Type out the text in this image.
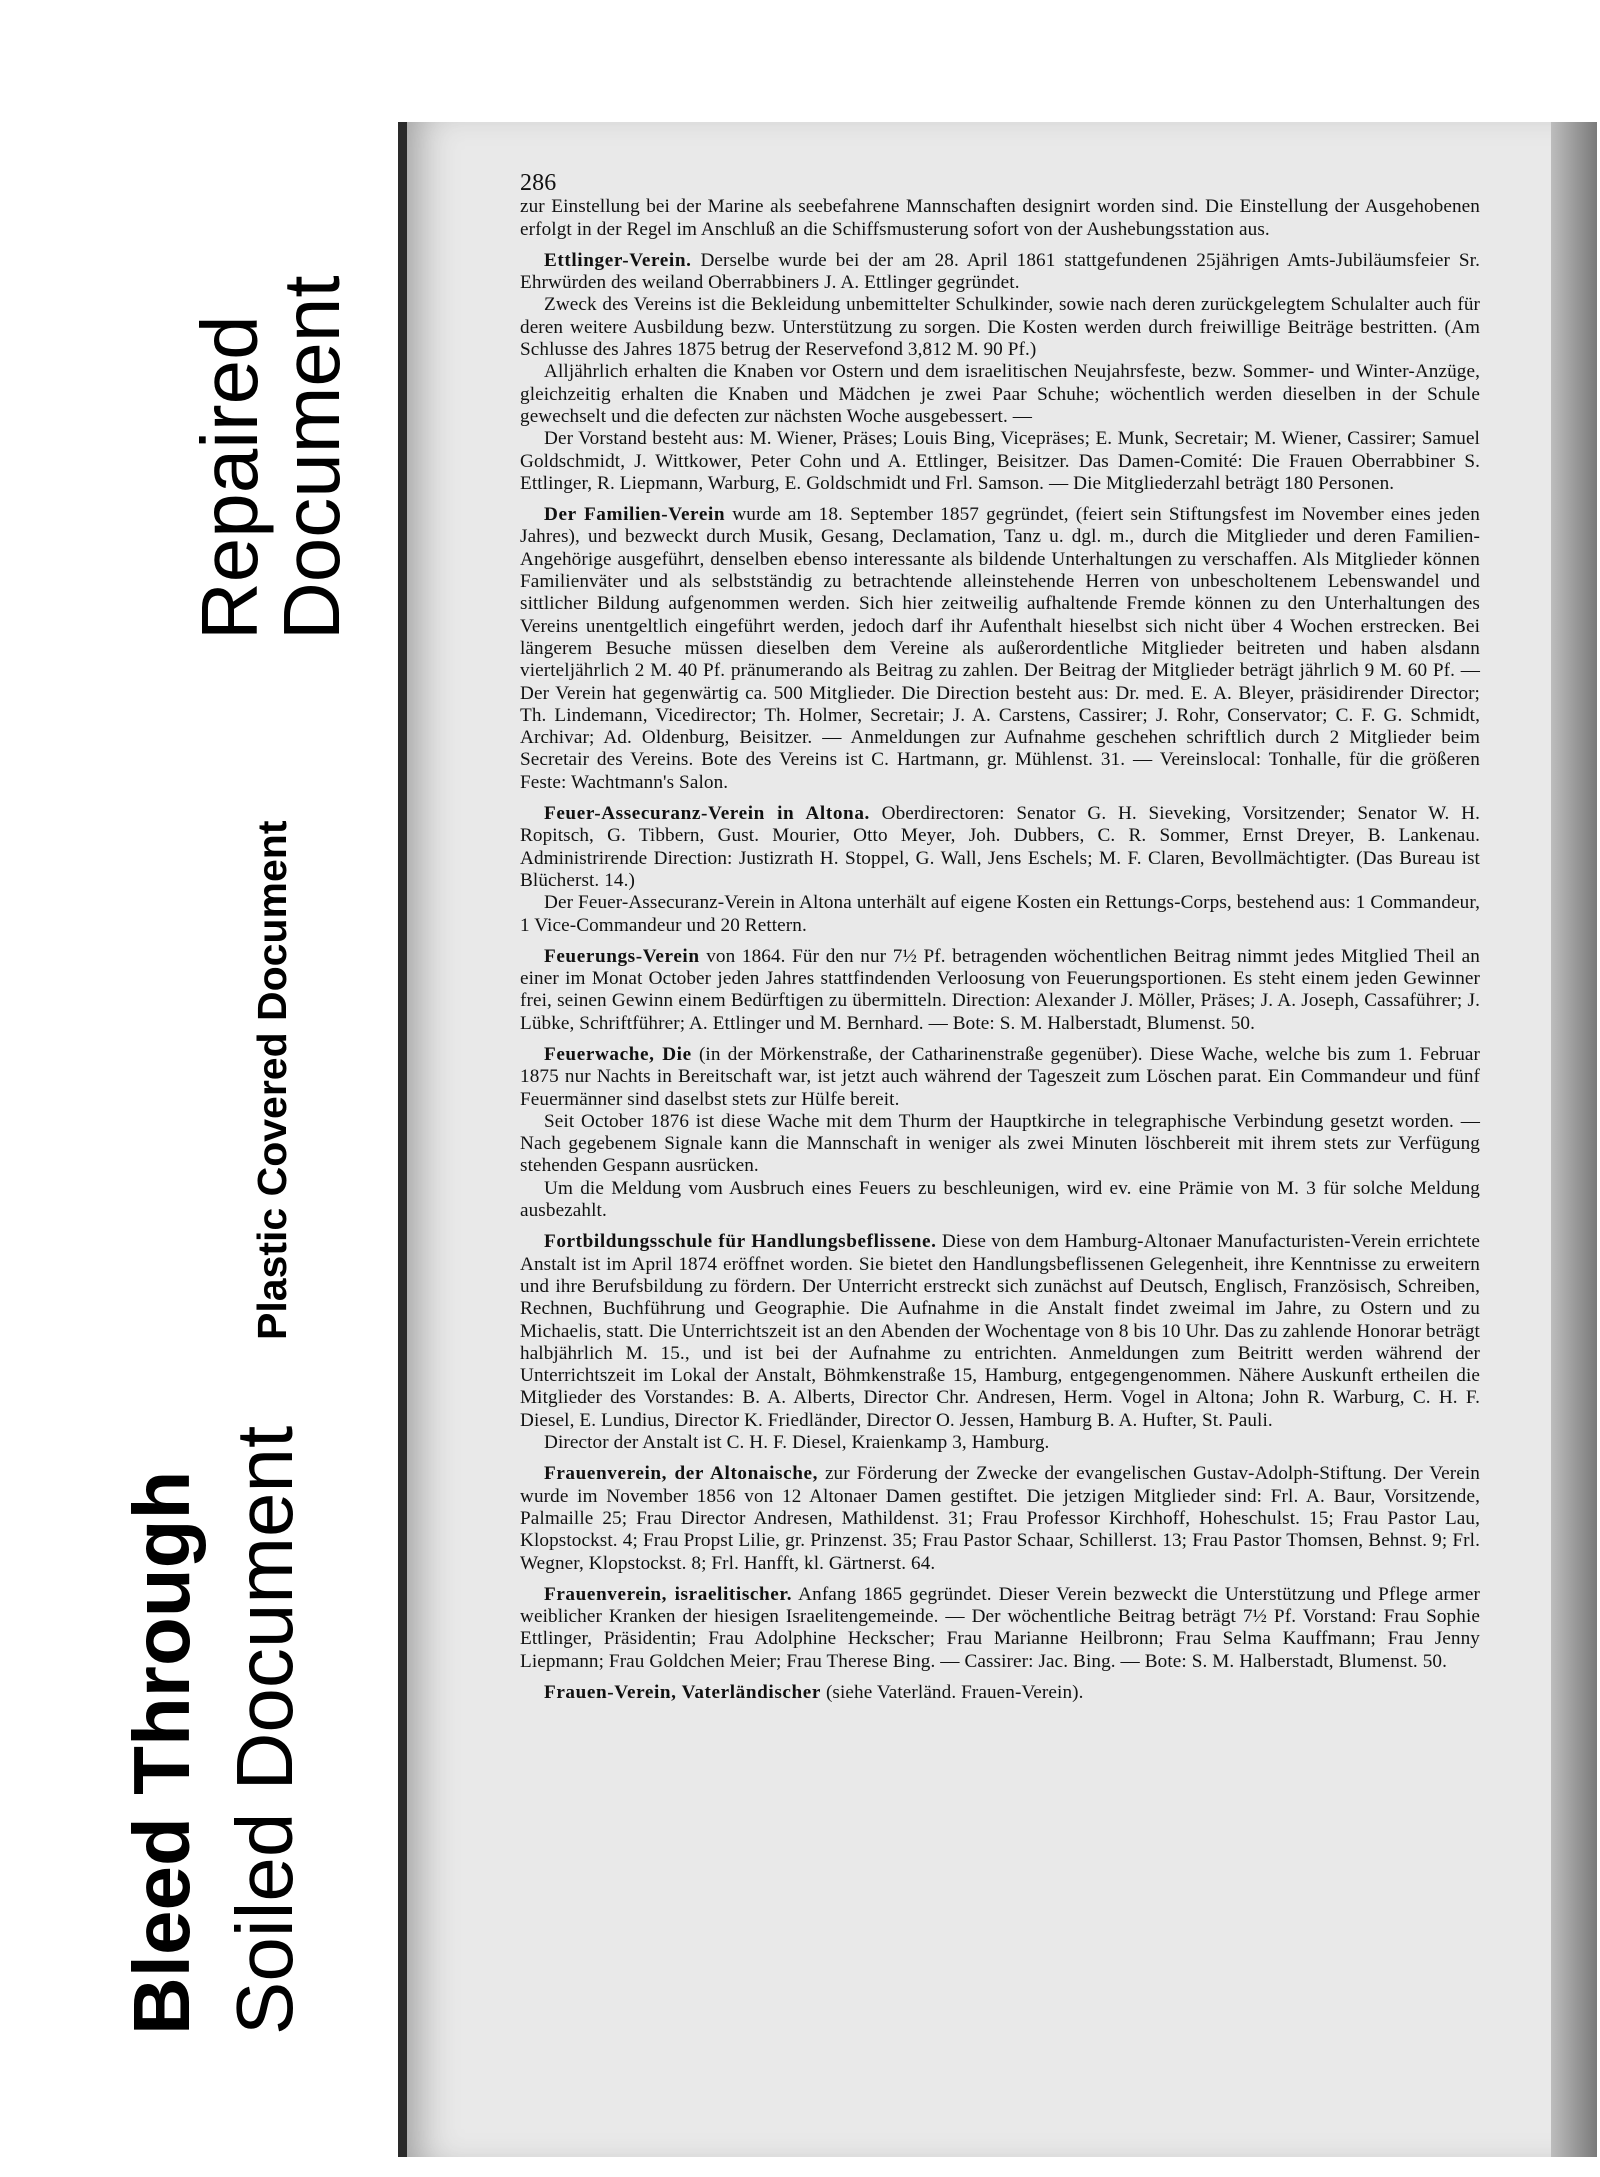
Repaired
Document
Plastic Covered Document
Bleed Through Soiled Document
286

zur Einstellung bei der Marine als seebefahrene Mannschaften designirt worden sind. Die Einstellung der Ausgehobenen erfolgt in der Regel im Anschluß an die Schiffsmusterung sofort von der Aushebungsstation aus.

Ettlinger-Verein. Derselbe wurde bei der am 28. April 1861 stattgefundenen 25jährigen Amts-Jubiläumsfeier Sr. Ehrwürden des weiland Oberrabbiners J. A. Ettlinger gegründet.

Zweck des Vereins ist die Bekleidung unbemittelter Schulkinder, sowie nach deren zurückgelegtem Schulalter auch für deren weitere Ausbildung bezw. Unterstützung zu sorgen. Die Kosten werden durch freiwillige Beiträge bestritten. (Am Schlusse des Jahres 1875 betrug der Reservefond 3,812 M. 90 Pf.)

Alljährlich erhalten die Knaben vor Ostern und dem israelitischen Neujahrsfeste, bezw. Sommer- und Winter-Anzüge, gleichzeitig erhalten die Knaben und Mädchen je zwei Paar Schuhe; wöchentlich werden dieselben in der Schule gewechselt und die defecten zur nächsten Woche ausgebessert. —

Der Vorstand besteht aus: M. Wiener, Präses; Louis Bing, Vicepräses; E. Munk, Secretair; M. Wiener, Cassirer; Samuel Goldschmidt, J. Wittkower, Peter Cohn und A. Ettlinger, Beisitzer. Das Damen-Comité: Die Frauen Oberrabbiner S. Ettlinger, R. Liepmann, Warburg, E. Goldschmidt und Frl. Samson. — Die Mitgliederzahl beträgt 180 Personen.

Der Familien-Verein wurde am 18. September 1857 gegründet, (feiert sein Stiftungsfest im November eines jeden Jahres), und bezweckt durch Musik, Gesang, Declamation, Tanz u. dgl. m., durch die Mitglieder und deren Familien-Angehörige ausgeführt, denselben ebenso interessante als bildende Unterhaltungen zu verschaffen. Als Mitglieder können Familienväter und als selbstständig zu betrachtende alleinstehende Herren von unbescholtenem Lebenswandel und sittlicher Bildung aufgenommen werden. Sich hier zeitweilig aufhaltende Fremde können zu den Unterhaltungen des Vereins unentgeltlich eingeführt werden, jedoch darf ihr Aufenthalt hieselbst sich nicht über 4 Wochen erstrecken. Bei längerem Besuche müssen dieselben dem Vereine als außerordentliche Mitglieder beitreten und haben alsdann vierteljährlich 2 M. 40 Pf. pränumerando als Beitrag zu zahlen. Der Beitrag der Mitglieder beträgt jährlich 9 M. 60 Pf. — Der Verein hat gegenwärtig ca. 500 Mitglieder. Die Direction besteht aus: Dr. med. E. A. Bleyer, präsidirender Director; Th. Lindemann, Vicedirector; Th. Holmer, Secretair; J. A. Carstens, Cassirer; J. Rohr, Conservator; C. F. G. Schmidt, Archivar; Ad. Oldenburg, Beisitzer. — Anmeldungen zur Aufnahme geschehen schriftlich durch 2 Mitglieder beim Secretair des Vereins. Bote des Vereins ist C. Hartmann, gr. Mühlenst. 31. — Vereinslocal: Tonhalle, für die größeren Feste: Wachtmann's Salon.

Feuer-Assecuranz-Verein in Altona. Oberdirectoren: Senator G. H. Sieveking, Vorsitzender; Senator W. H. Ropitsch, G. Tibbern, Gust. Mourier, Otto Meyer, Joh. Dubbers, C. R. Sommer, Ernst Dreyer, B. Lankenau. Administrirende Direction: Justizrath H. Stoppel, G. Wall, Jens Eschels; M. F. Claren, Bevollmächtigter. (Das Bureau ist Blücherst. 14.)

Der Feuer-Assecuranz-Verein in Altona unterhält auf eigene Kosten ein Rettungs-Corps, bestehend aus: 1 Commandeur, 1 Vice-Commandeur und 20 Rettern.

Feuerungs-Verein von 1864. Für den nur 7½ Pf. betragenden wöchentlichen Beitrag nimmt jedes Mitglied Theil an einer im Monat October jeden Jahres stattfindenden Verloosung von Feuerungsportionen. Es steht einem jeden Gewinner frei, seinen Gewinn einem Bedürftigen zu übermitteln. Direction: Alexander J. Möller, Präses; J. A. Joseph, Cassaführer; J. Lübke, Schriftführer; A. Ettlinger und M. Bernhard. — Bote: S. M. Halberstadt, Blumenst. 50.

Feuerwache, Die (in der Mörkenstraße, der Catharinenstraße gegenüber). Diese Wache, welche bis zum 1. Februar 1875 nur Nachts in Bereitschaft war, ist jetzt auch während der Tageszeit zum Löschen parat. Ein Commandeur und fünf Feuermänner sind daselbst stets zur Hülfe bereit.

Seit October 1876 ist diese Wache mit dem Thurm der Hauptkirche in telegraphische Verbindung gesetzt worden. — Nach gegebenem Signale kann die Mannschaft in weniger als zwei Minuten löschbereit mit ihrem stets zur Verfügung stehenden Gespann ausrücken.

Um die Meldung vom Ausbruch eines Feuers zu beschleunigen, wird ev. eine Prämie von M. 3 für solche Meldung ausbezahlt.

Fortbildungsschule für Handlungsbeflissene. Diese von dem Hamburg-Altonaer Manufacturisten-Verein errichtete Anstalt ist im April 1874 eröffnet worden. Sie bietet den Handlungsbeflissenen Gelegenheit, ihre Kenntnisse zu erweitern und ihre Berufsbildung zu fördern. Der Unterricht erstreckt sich zunächst auf Deutsch, Englisch, Französisch, Schreiben, Rechnen, Buchführung und Geographie. Die Aufnahme in die Anstalt findet zweimal im Jahre, zu Ostern und zu Michaelis, statt. Die Unterrichtszeit ist an den Abenden der Wochentage von 8 bis 10 Uhr. Das zu zahlende Honorar beträgt halbjährlich M. 15., und ist bei der Aufnahme zu entrichten. Anmeldungen zum Beitritt werden während der Unterrichtszeit im Lokal der Anstalt, Böhmkenstraße 15, Hamburg, entgegengenommen. Nähere Auskunft ertheilen die Mitglieder des Vorstandes: B. A. Alberts, Director Chr. Andresen, Herm. Vogel in Altona; John R. Warburg, C. H. F. Diesel, E. Lundius, Director K. Friedländer, Director O. Jessen, Hamburg B. A. Hufter, St. Pauli.

Director der Anstalt ist C. H. F. Diesel, Kraienkamp 3, Hamburg.

Frauenverein, der Altonaische, zur Förderung der Zwecke der evangelischen Gustav-Adolph-Stiftung. Der Verein wurde im November 1856 von 12 Altonaer Damen gestiftet. Die jetzigen Mitglieder sind: Frl. A. Baur, Vorsitzende, Palmaille 25; Frau Director Andresen, Mathildenst. 31; Frau Professor Kirchhoff, Hoheschulst. 15; Frau Pastor Lau, Klopstockst. 4; Frau Propst Lilie, gr. Prinzenst. 35; Frau Pastor Schaar, Schillerst. 13; Frau Pastor Thomsen, Behnst. 9; Frl. Wegner, Klopstockst. 8; Frl. Hanfft, kl. Gärtnerst. 64.

Frauenverein, israelitischer. Anfang 1865 gegründet. Dieser Verein bezweckt die Unterstützung und Pflege armer weiblicher Kranken der hiesigen Israelitengemeinde. — Der wöchentliche Beitrag beträgt 7½ Pf. Vorstand: Frau Sophie Ettlinger, Präsidentin; Frau Adolphine Heckscher; Frau Marianne Heilbronn; Frau Selma Kauffmann; Frau Jenny Liepmann; Frau Goldchen Meier; Frau Therese Bing. — Cassirer: Jac. Bing. — Bote: S. M. Halberstadt, Blumenst. 50.

Frauen-Verein, Vaterländischer (siehe Vaterländ. Frauen-Verein).
